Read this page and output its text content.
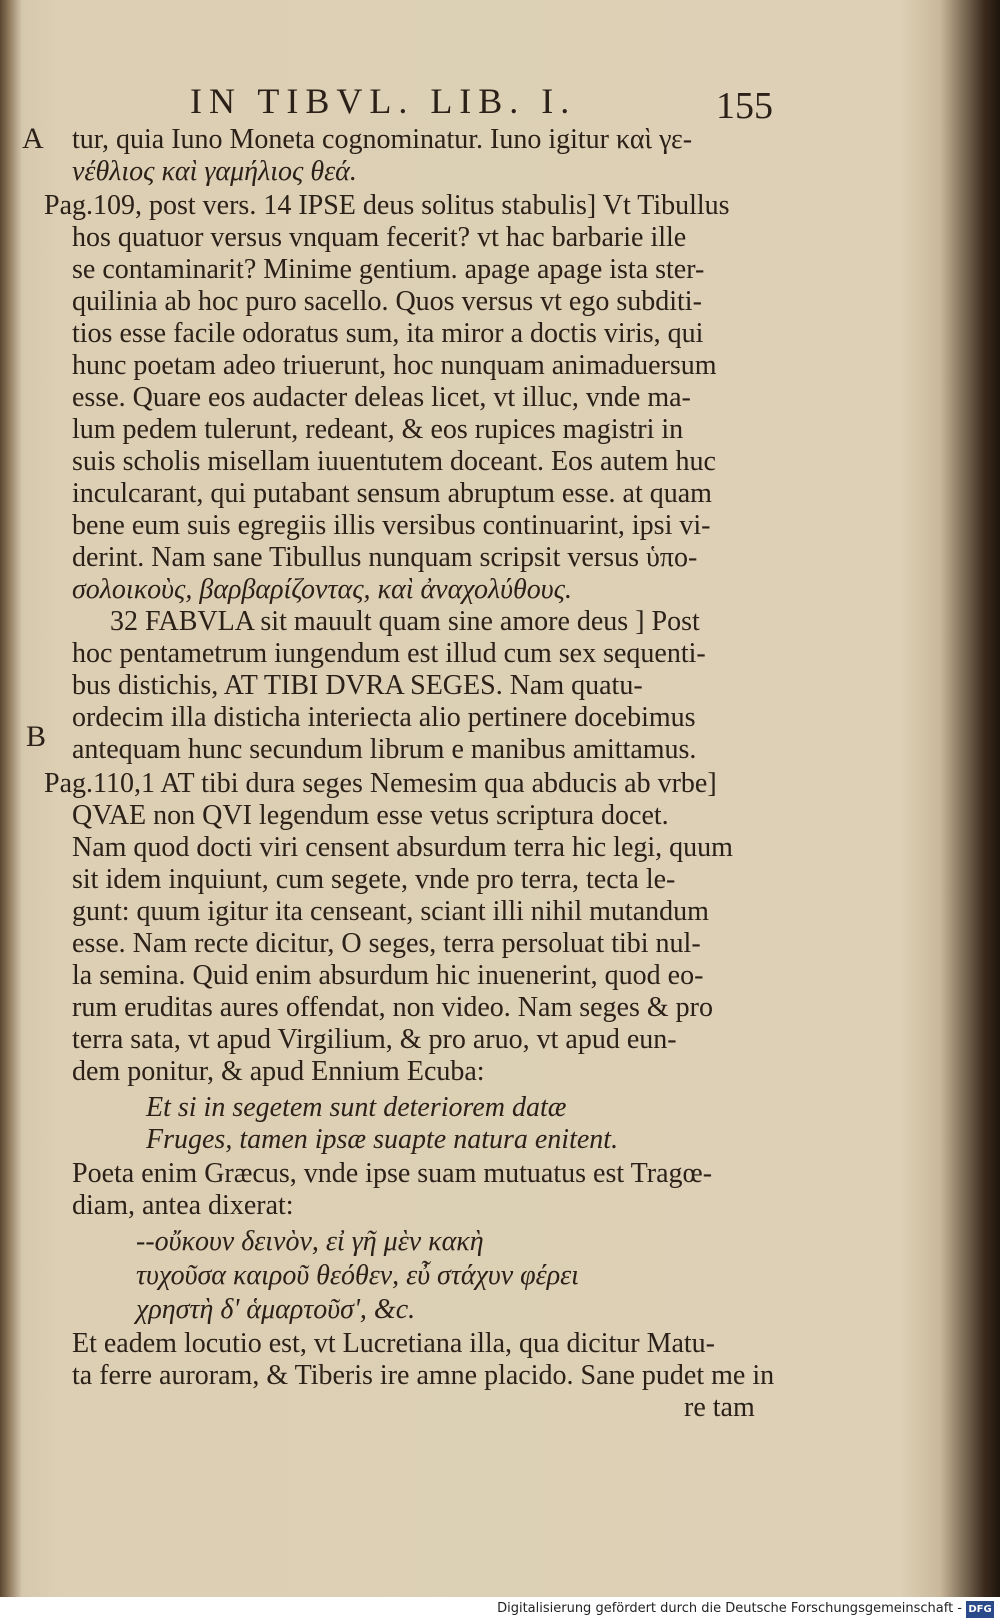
IN TIBVL. LIB. I.	155
A
B
tur, quia Iuno Moneta cognominatur. Iuno igitur καὶ γε-
νέθλιος καὶ γαμήλιος θεά.
Pag.109, post vers. 14 IPSE deus solitus stabulis] Vt Tibullus
hos quatuor versus vnquam fecerit? vt hac barbarie ille
se contaminarit? Minime gentium. apage apage ista ster-
quilinia ab hoc puro sacello. Quos versus vt ego subditi-
tios esse facile odoratus sum, ita miror a doctis viris, qui
hunc poetam adeo triuerunt, hoc nunquam animaduersum
esse. Quare eos audacter deleas licet, vt illuc, vnde ma-
lum pedem tulerunt, redeant, & eos rupices magistri in
suis scholis misellam iuuentutem doceant. Eos autem huc
inculcarant, qui putabant sensum abruptum esse. at quam
bene eum suis egregiis illis versibus continuarint, ipsi vi-
derint. Nam sane Tibullus nunquam scripsit versus ὑπο-
σολοικοὺς, βαρβαρίζοντας, καὶ ἀναχολύθους.
32 FABVLA sit mauult quam sine amore deus ] Post
hoc pentametrum iungendum est illud cum sex sequenti-
bus distichis, AT TIBI DVRA SEGES. Nam quatu-
ordecim illa disticha interiecta alio pertinere docebimus
antequam hunc secundum librum e manibus amittamus.
Pag.110,1 AT tibi dura seges Nemesim qua abducis ab vrbe]
QVAE non QVI legendum esse vetus scriptura docet.
Nam quod docti viri censent absurdum terra hic legi, quum
sit idem inquiunt, cum segete, vnde pro terra, tecta le-
gunt: quum igitur ita censeant, sciant illi nihil mutandum
esse. Nam recte dicitur, O seges, terra persoluat tibi nul-
la semina. Quid enim absurdum hic inuenerint, quod eo-
rum eruditas aures offendat, non video. Nam seges & pro
terra sata, vt apud Virgilium, & pro aruo, vt apud eun-
dem ponitur, & apud Ennium Ecuba:
Et si in segetem sunt deteriorem datæ
Fruges, tamen ipsæ suapte natura enitent.
Poeta enim Græcus, vnde ipse suam mutuatus est Tragœ-
diam, antea dixerat:
--οὔκουν δεινὸν, εἰ γῆ μὲν κακὴ
τυχοῦσα καιροῦ θεόθεν, εὖ στάχυν φέρει
χρηστὴ δ' ἁμαρτοῦσ', &c.
Et eadem locutio est, vt Lucretiana illa, qua dicitur Matu-
ta ferre auroram, & Tiberis ire amne placido. Sane pudet me in
re tam
Digitalisierung gefördert durch die Deutsche Forschungsgemeinschaft - DFG
